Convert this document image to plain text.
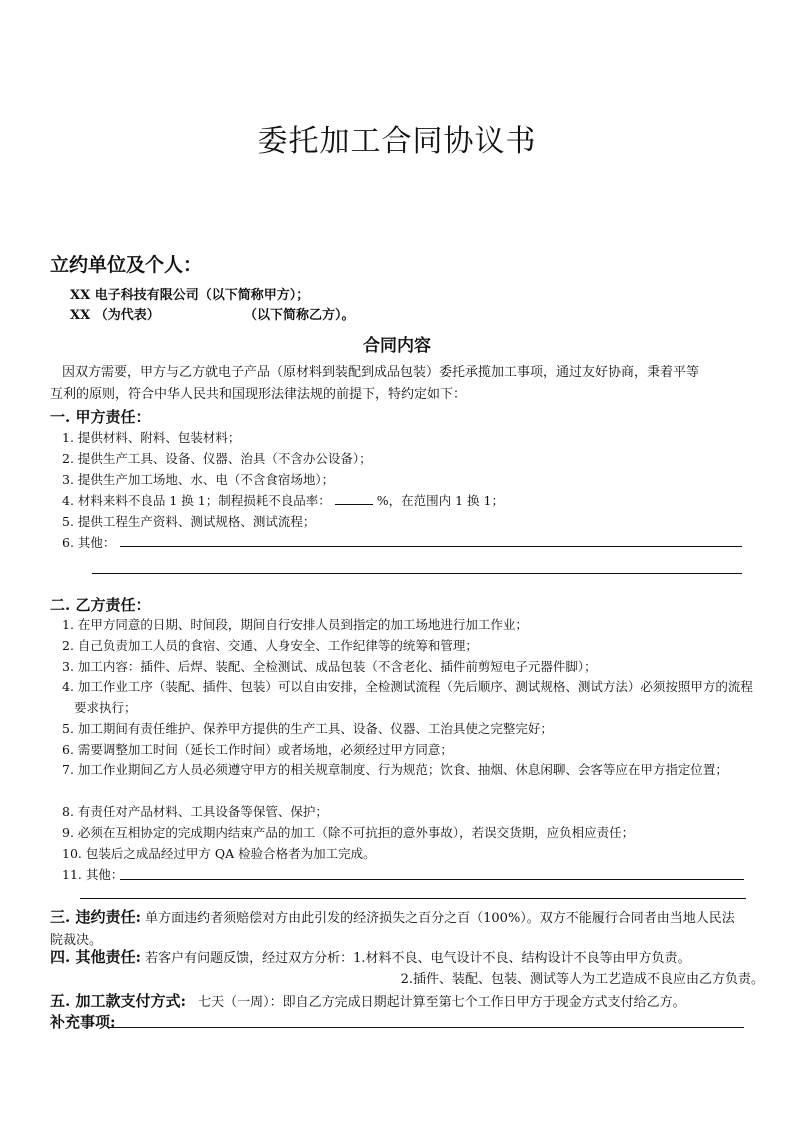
委托加工合同协议书
立约单位及个人：
XX 电子科技有限公司（以下简称甲方）；
XX （为代表）	（以下简称乙方）。
合同内容
因双方需要，甲方与乙方就电子产品（原材料到装配到成品包装）委托承揽加工事项，通过友好协商，秉着平等
互利的原则，符合中华人民共和国现形法律法规的前提下，特约定如下：
一. 甲方责任：
1. 提供材料、附料、包装材料；
2. 提供生产工具、设备、仪器、治具（不含办公设备）；
3. 提供生产加工场地、水、电（不含食宿场地）；
4. 材料来料不良品 1 换 1；制程损耗不良品率：	%，在范围内 1 换 1；
5. 提供工程生产资料、测试规格、测试流程；
6. 其他：
二. 乙方责任：
1. 在甲方同意的日期、时间段，期间自行安排人员到指定的加工场地进行加工作业；
2. 自己负责加工人员的食宿、交通、人身安全、工作纪律等的统筹和管理；
3. 加工内容：插件、后焊、装配、全检测试、成品包装（不含老化、插件前剪短电子元器件脚）；
4. 加工作业工序（装配、插件、包装）可以自由安排，全检测试流程（先后顺序、测试规格、测试方法）必须按照甲方的流程要求执行；
5. 加工期间有责任维护、保养甲方提供的生产工具、设备、仪器、工治具使之完整完好；
6. 需要调整加工时间（延长工作时间）或者场地，必须经过甲方同意；
7. 加工作业期间乙方人员必须遵守甲方的相关规章制度、行为规范；饮食、抽烟、休息闲聊、会客等应在甲方指定位置；
8. 有责任对产品材料、工具设备等保管、保护；
9. 必须在互相协定的完成期内结束产品的加工（除不可抗拒的意外事故），若误交货期，应负相应责任；
10. 包装后之成品经过甲方 QA 检验合格者为加工完成。
11. 其他：
三. 违约责任: 单方面违约者须赔偿对方由此引发的经济损失之百分之百（100%）。双方不能履行合同者由当地人民法院裁决。
四. 其他责任: 若客户有问题反馈，经过双方分析：1.材料不良、电气设计不良、结构设计不良等由甲方负责。
2.插件、装配、包装、测试等人为工艺造成不良应由乙方负责。
五. 加工款支付方式: 七天（一周）：即自乙方完成日期起计算至第七个工作日甲方于现金方式支付给乙方。
补充事项:
